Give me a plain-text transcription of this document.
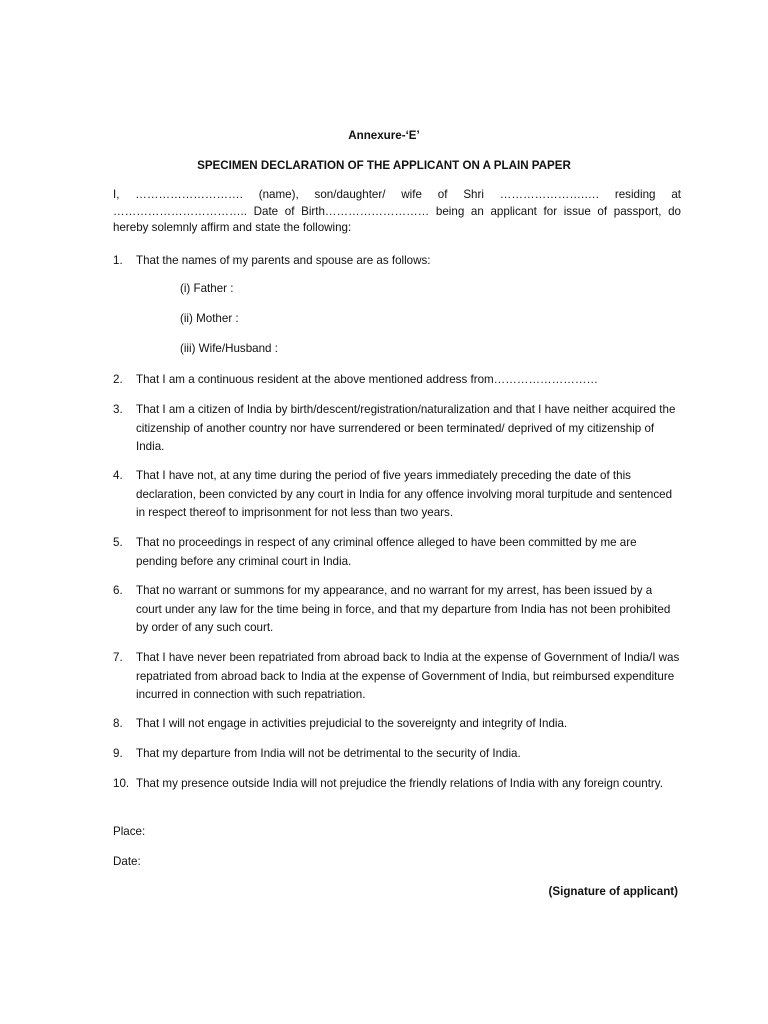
Annexure-‘E’
SPECIMEN DECLARATION OF THE APPLICANT ON A PLAIN PAPER
I, ………………………. (name), son/daughter/ wife of Shri ………………….…. residing at …………………………….. Date of Birth……………………… being an applicant for issue of passport, do hereby solemnly affirm and state the following:
1.	That the names of my parents and spouse are as follows:
(i) Father :
(ii) Mother :
(iii) Wife/Husband :
2.	That I am a continuous resident at the above mentioned address from………………………
3.	That I am a citizen of India by birth/descent/registration/naturalization and that I have neither acquired the citizenship of another country nor have surrendered or been terminated/ deprived of my citizenship of India.
4.	That I have not, at any time during the period of five years immediately preceding the date of this declaration, been convicted by any court in India for any offence involving moral turpitude and sentenced in respect thereof to imprisonment for not less than two years.
5.	That no proceedings in respect of any criminal offence alleged to have been committed by me are pending before any criminal court in India.
6.	That no warrant or summons for my appearance, and no warrant for my arrest, has been issued by a court under any law for the time being in force, and that my departure from India has not been prohibited by order of any such court.
7.	That I have never been repatriated from abroad back to India at the expense of Government of India/I was repatriated from abroad back to India at the expense of Government of India, but reimbursed expenditure incurred in connection with such repatriation.
8.	That I will not engage in activities prejudicial to the sovereignty and integrity of India.
9.	That my departure from India will not be detrimental to the security of India.
10. That my presence outside India will not prejudice the friendly relations of India with any foreign country.
Place:
Date:
(Signature of applicant)
